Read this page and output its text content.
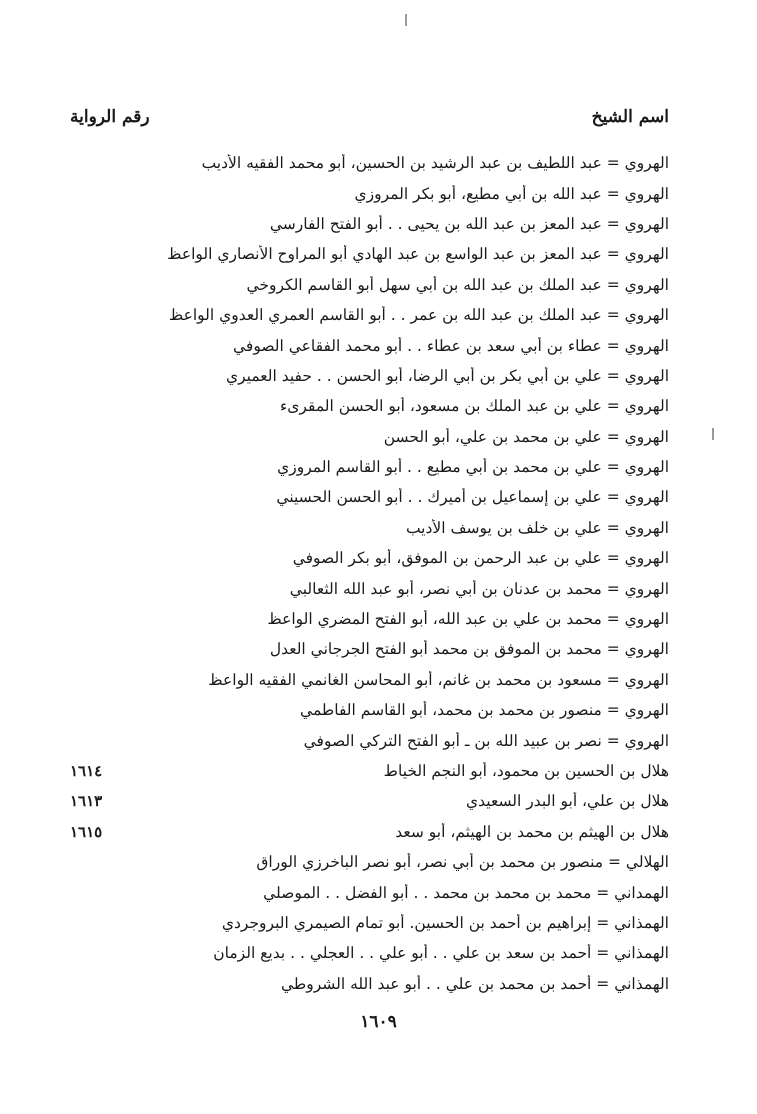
اسم الشيخ
رقم الرواية
الهروي = عبد اللطيف بن عبد الرشيد بن الحسين، أبو محمد الفقيه الأديب
الهروي = عبد الله بن أبي مطيع، أبو بكر المروزي
الهروي = عبد المعز بن عبد الله بن يحيى . . أبو الفتح الفارسي
الهروي = عبد المعز بن عبد الواسع بن عبد الهادي أبو المراوح الأنصاري الواعظ
الهروي = عبد الملك بن عبد الله بن أبي سهل أبو القاسم الكروخي
الهروي = عبد الملك بن عبد الله بن عمر . . أبو القاسم العمري العدوي الواعظ
الهروي = عطاء بن أبي سعد بن عطاء . . أبو محمد الفقاعي الصوفي
الهروي = علي بن أبي بكر بن أبي الرضا، أبو الحسن . . حفيد العميري
الهروي = علي بن عبد الملك بن مسعود، أبو الحسن المقرىء
الهروي = علي بن محمد بن علي، أبو الحسن
الهروي = علي بن محمد بن أبي مطيع . . أبو القاسم المروزي
الهروي = علي بن إسماعيل بن أميرك . . أبو الحسن الحسيني
الهروي = علي بن خلف بن يوسف الأديب
الهروي = علي بن عبد الرحمن بن الموفق، أبو بكر الصوفي
الهروي = محمد بن عدنان بن أبي نصر، أبو عبد الله الثعالبي
الهروي = محمد بن علي بن عبد الله، أبو الفتح المضري الواعظ
الهروي = محمد بن الموفق بن محمد أبو الفتح الجرجاني العدل
الهروي = مسعود بن محمد بن غانم، أبو المحاسن الغانمي الفقيه الواعظ
الهروي = منصور بن محمد بن محمد، أبو القاسم الفاطمي
الهروي = نصر بن عبيد الله بن ـ أبو الفتح التركي الصوفي
هلال بن الحسين بن محمود، أبو النجم الخياط
١٦١٤
هلال بن علي، أبو البدر السعيدي
١٦١٣
هلال بن الهيثم بن محمد بن الهيثم، أبو سعد
١٦١٥
الهلالي = منصور بن محمد بن أبي نصر، أبو نصر الباخرزي الوراق
الهمداني = محمد بن محمد بن محمد . . أبو الفضل . . الموصلي
الهمذاني = إبراهيم بن أحمد بن الحسين. أبو تمام الصيمري البروجردي
الهمذاني = أحمد بن سعد بن علي . . أبو علي . . العجلي . . بديع الزمان
الهمذاني = أحمد بن محمد بن علي . . أبو عبد الله الشروطي
١٦٠٩
